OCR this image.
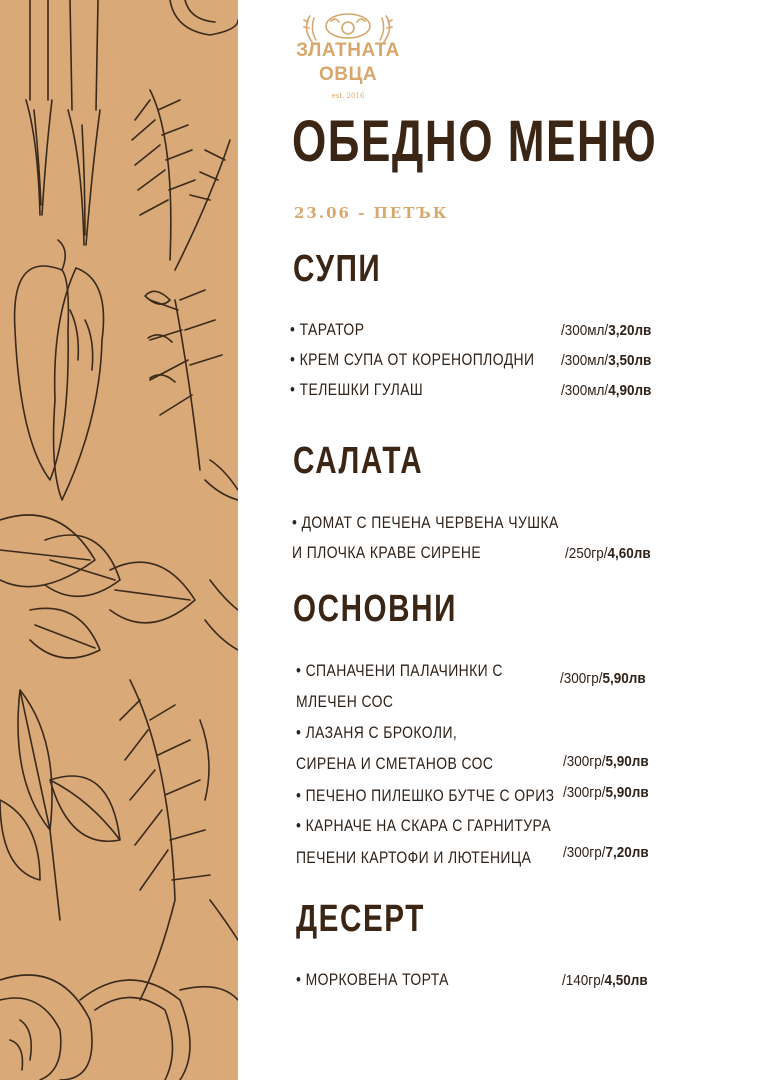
ЗЛАТНАТА
ОВЦА
est. 2016
ОБЕДНО МЕНЮ
23.06 - ПЕТЪК
СУПИ
• ТАРАТОР	/300мл/3,20лв
• КРЕМ СУПА ОТ КОРЕНОПЛОДНИ /300мл/3,50лв
• ТЕЛЕШКИ ГУЛАШ	/300мл/4,90лв
САЛАТА
• ДОМАТ С ПЕЧЕНА ЧЕРВЕНА ЧУШКА
И ПЛОЧКА КРАВЕ СИРЕНЕ	/250гр/4,60лв
ОСНОВНИ
• СПАНАЧЕНИ ПАЛАЧИНКИ С
МЛЕЧЕН СОС
/300гр/5,90лв
• ЛАЗАНЯ С БРОКОЛИ,
СИРЕНА И СМЕТАНОВ СОС	/300гр/5,90лв
• ПЕЧЕНО ПИЛЕШКО БУТЧЕ С ОРИЗ /300гр/5,90лв
• КАРНАЧЕ НА СКАРА С ГАРНИТУРА
ПЕЧЕНИ КАРТОФИ И ЛЮТЕНИЦА /300гр/7,20лв
ДЕСЕРТ
• МОРКОВЕНА ТОРТА	/140гр/4,50лв
